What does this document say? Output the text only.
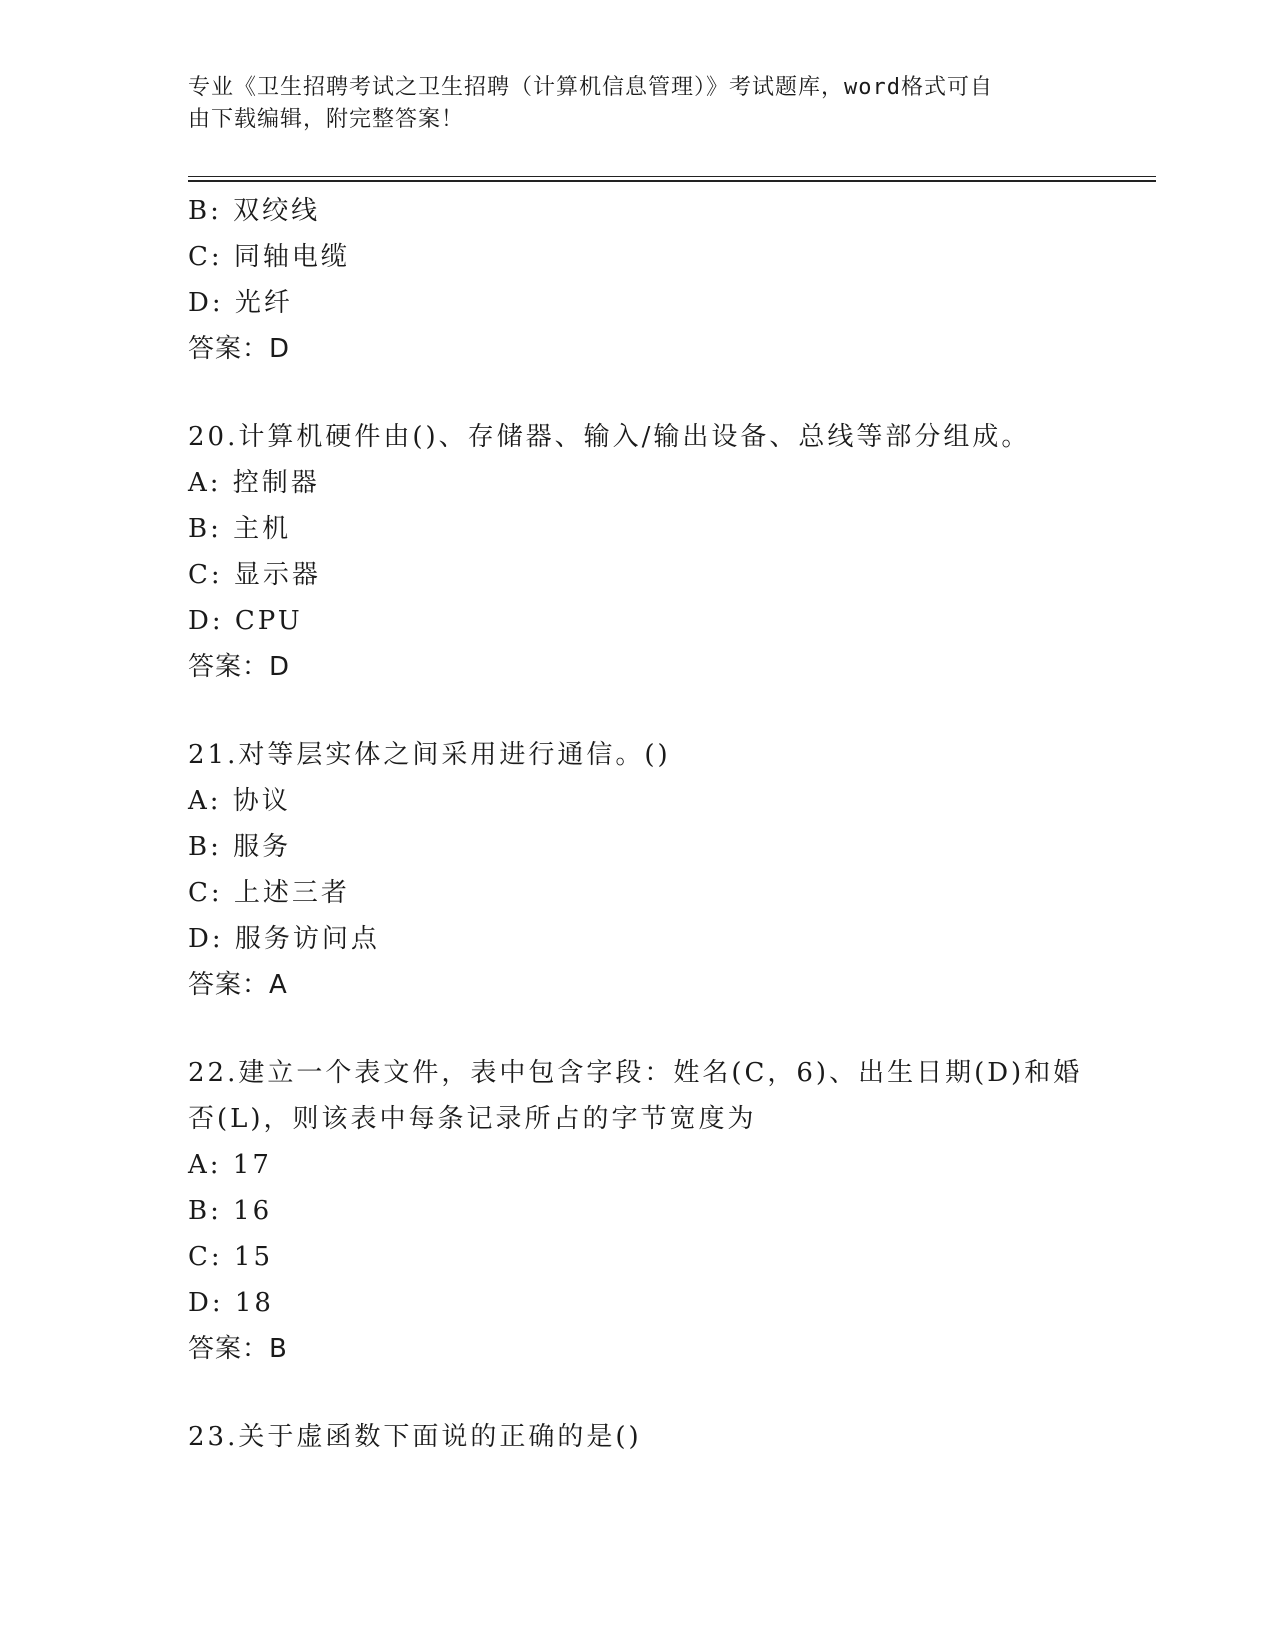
专业《卫生招聘考试之卫生招聘（计算机信息管理）》考试题库，word格式可自
由下载编辑，附完整答案！
B: 双绞线
C: 同轴电缆
D: 光纤
答案：D
20.计算机硬件由()、存储器、输入/输出设备、总线等部分组成。
A: 控制器
B: 主机
C: 显示器
D: CPU
答案：D
21.对等层实体之间采用进行通信。()
A: 协议
B: 服务
C: 上述三者
D: 服务访问点
答案：A
22.建立一个表文件，表中包含字段：姓名(C，6)、出生日期(D)和婚
否(L)，则该表中每条记录所占的字节宽度为
A: 17
B: 16
C: 15
D: 18
答案：B
23.关于虚函数下面说的正确的是()
